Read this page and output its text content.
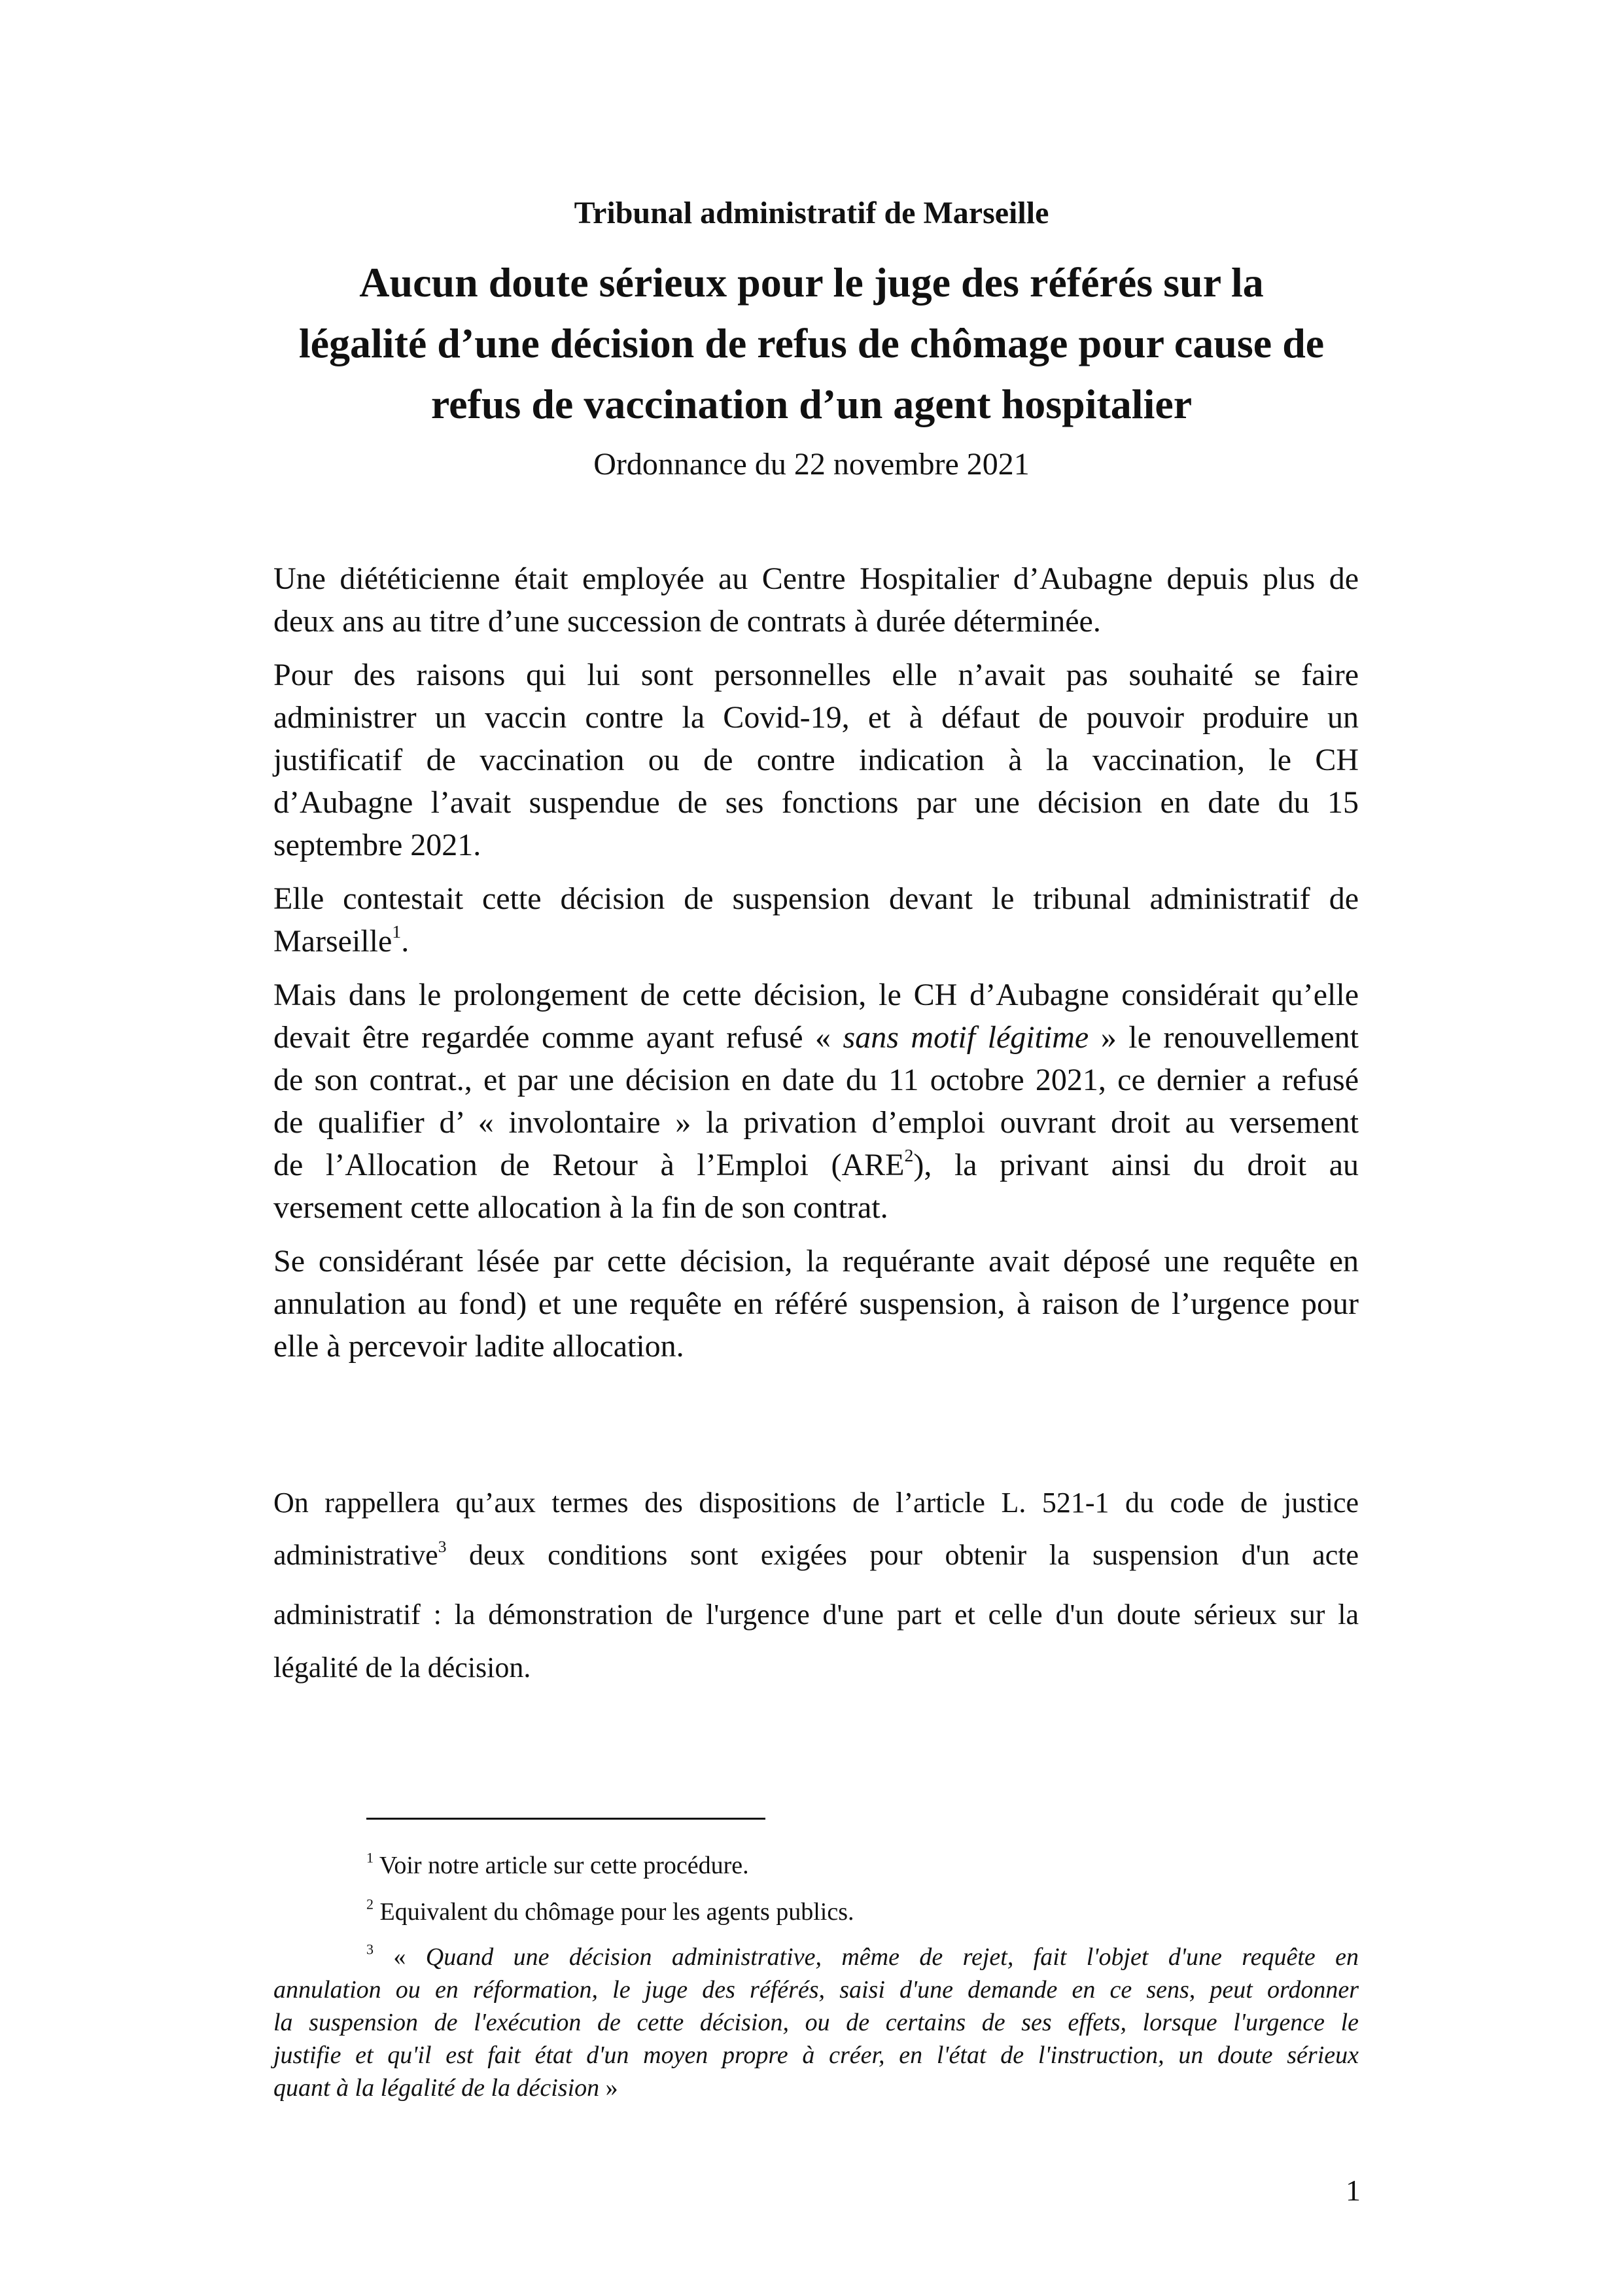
Tribunal administratif de Marseille
Aucun doute sérieux pour le juge des référés sur la
légalité d’une décision de refus de chômage pour cause de
refus de vaccination d’un agent hospitalier
Ordonnance du 22 novembre 2021

Une diététicienne était employée au Centre Hospitalier d’Aubagne depuis plus de
deux ans au titre d’une succession de contrats à durée déterminée.

Pour des raisons qui lui sont personnelles elle n’avait pas souhaité se faire
administrer un vaccin contre la Covid-19, et à défaut de pouvoir produire un
justificatif de vaccination ou de contre indication à la vaccination, le CH
d’Aubagne l’avait suspendue de ses fonctions par une décision en date du 15
septembre 2021.

Elle contestait cette décision de suspension devant le tribunal administratif de
Marseille$^1$.

Mais dans le prolongement de cette décision, le CH d’Aubagne considérait qu’elle
devait être regardée comme ayant refusé « sans motif légitime » le renouvellement
de son contrat., et par une décision en date du 11 octobre 2021, ce dernier a refusé
de qualifier d’ « involontaire » la privation d’emploi ouvrant droit au versement
de l’Allocation de Retour à l’Emploi (ARE$^2$), la privant ainsi du droit au
versement cette allocation à la fin de son contrat.

Se considérant lésée par cette décision, la requérante avait déposé une requête en
annulation au fond) et une requête en référé suspension, à raison de l’urgence pour
elle à percevoir ladite allocation.

On rappellera qu’aux termes des dispositions de l’article L. 521-1 du code de justice
administrative$^3$ deux conditions sont exigées pour obtenir la suspension d'un acte
administratif : la démonstration de l'urgence d'une part et celle d'un doute sérieux sur la
légalité de la décision.
$^1$ Voir notre article sur cette procédure.
$^2$ Equivalent du chômage pour les agents publics.
$^3$ « Quand une décision administrative, même de rejet, fait l'objet d'une requête en
annulation ou en réformation, le juge des référés, saisi d'une demande en ce sens, peut ordonner
la suspension de l'exécution de cette décision, ou de certains de ses effets, lorsque l'urgence le
justifie et qu'il est fait état d'un moyen propre à créer, en l'état de l'instruction, un doute sérieux
quant à la légalité de la décision »
1
